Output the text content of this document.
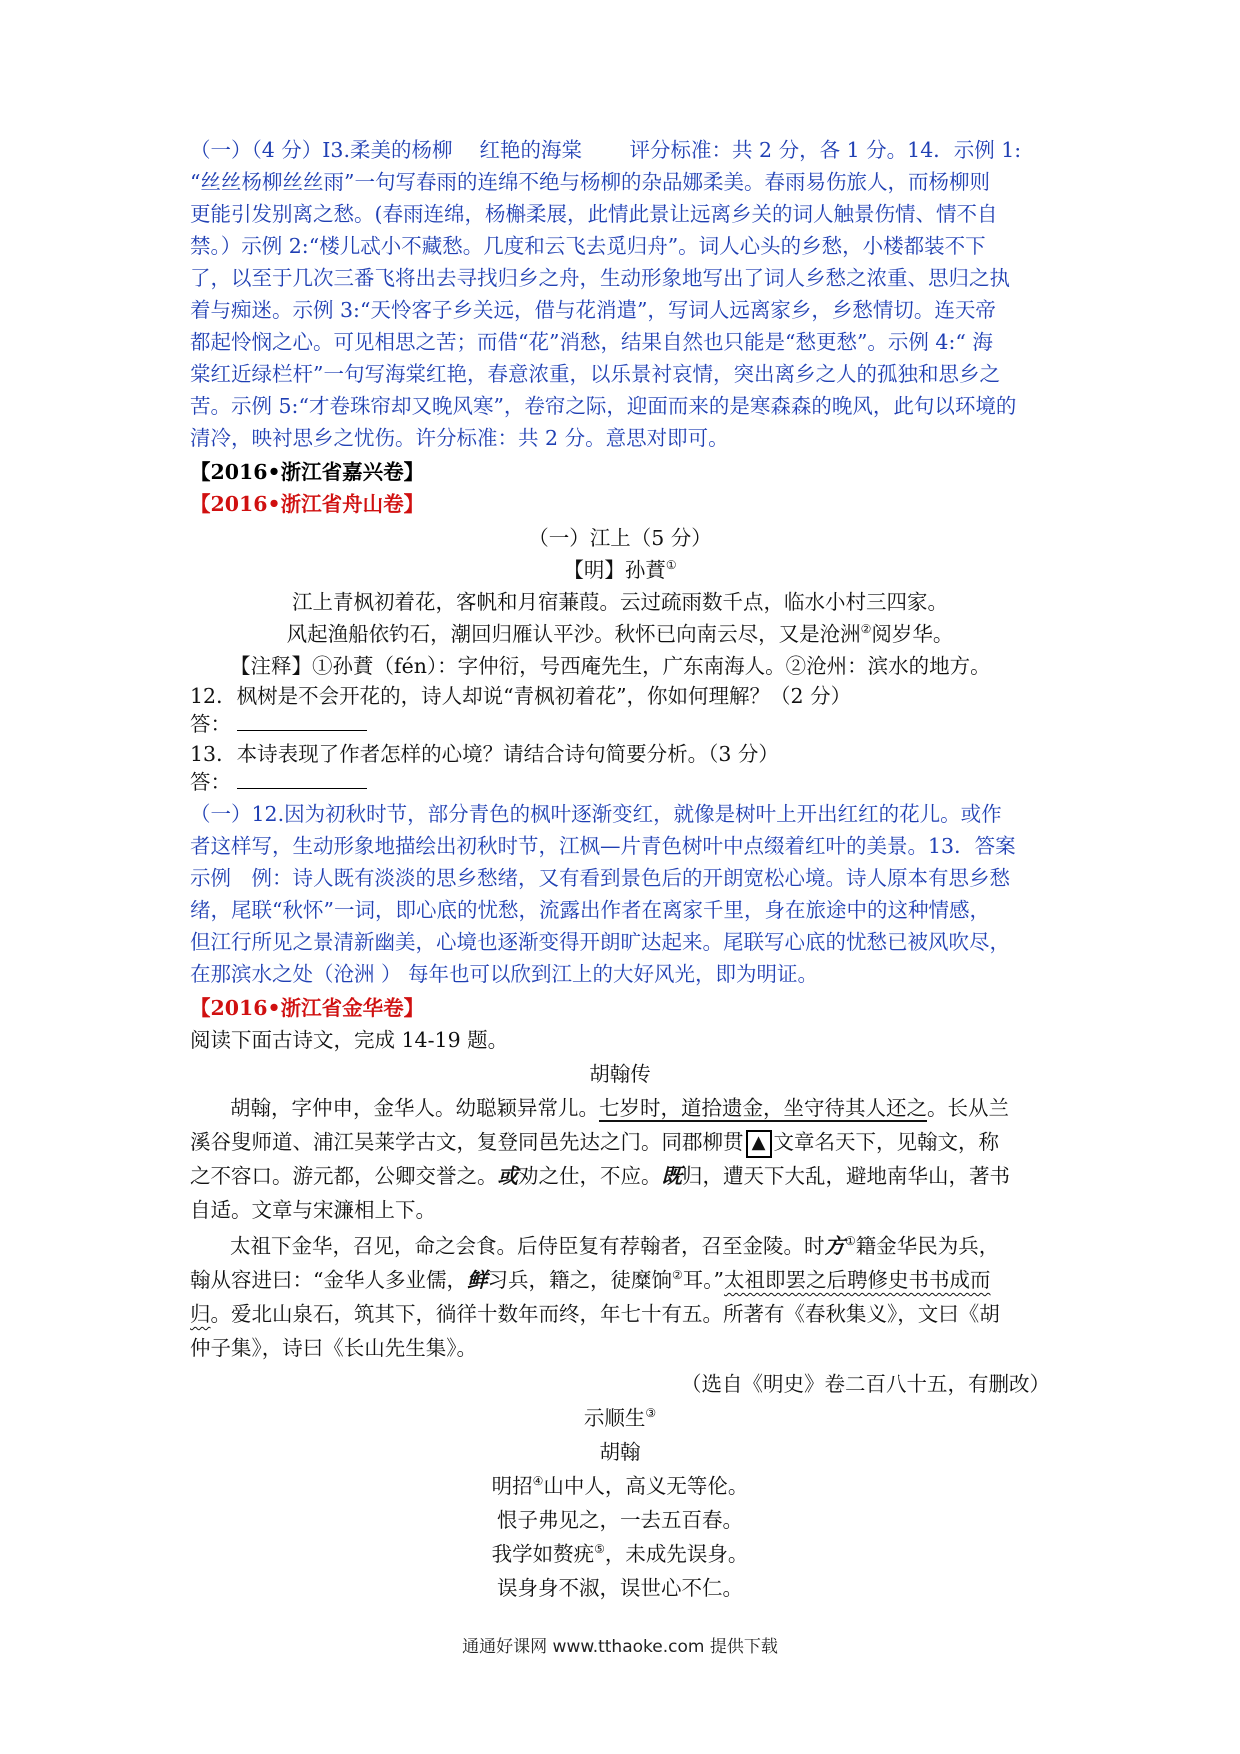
（一）（4 分）I3.柔美的杨柳　 红艳的海棠　　 评分标准：共 2 分，各 1 分。14．示例 1:
“丝丝杨柳丝丝雨”一句写春雨的连绵不绝与杨柳的杂品娜柔美。春雨易伤旅人，而杨柳则
更能引发别离之愁。(春雨连绵，杨槲柔展，此情此景让远离乡关的词人触景伤情、情不自
禁。）示例 2:“楼儿忒小不藏愁。几度和云飞去觅归舟”。词人心头的乡愁，小楼都装不下
了，以至于几次三番飞将出去寻找归乡之舟，生动形象地写出了词人乡愁之浓重、思归之执
着与痴迷。示例 3:“天怜客子乡关远，借与花消遣”，写词人远离家乡，乡愁情切。连天帝
都起怜悯之心。可见相思之苦；而借“花”消愁，结果自然也只能是“愁更愁”。示例 4:“ 海
棠红近绿栏杆”一句写海棠红艳，春意浓重，以乐景衬哀情，突出离乡之人的孤独和思乡之
苦。示例 5:“才卷珠帘却又晚风寒”，卷帘之际，迎面而来的是寒森森的晚风，此句以环境的
清冷，映衬思乡之忧伤。许分标准：共 2 分。意思对即可。
【2016•浙江省嘉兴卷】
【2016•浙江省舟山卷】
（一）江上（5 分）
【明】孙蕡①
江上青枫初着花，客帆和月宿蒹葭。云过疏雨数千点，临水小村三四家。
风起渔船依钓石，潮回归雁认平沙。秋怀已向南云尽，又是沧洲②阅岁华。
【注释】①孙蕡（fén）：字仲衍，号西庵先生，广东南海人。②沧州：滨水的地方。
12．枫树是不会开花的，诗人却说“青枫初着花”，你如何理解？（2 分）
答：
13．本诗表现了作者怎样的心境？请结合诗句简要分析。（3 分）
答：
（一）12.因为初秋时节，部分青色的枫叶逐渐变红，就像是树叶上开出红红的花儿。或作
者这样写，生动形象地描绘出初秋时节，江枫—片青色树叶中点缀着红叶的美景。13．答案
示例　例：诗人既有淡淡的思乡愁绪，又有看到景色后的开朗宽松心境。诗人原本有思乡愁
绪，尾联“秋怀”一词，即心底的忧愁，流露出作者在离家千里，身在旅途中的这种情感，
但江行所见之景清新幽美，心境也逐渐变得开朗旷达起来。尾联写心底的忧愁已被风吹尽，
在那滨水之处（沧洲 ） 每年也可以欣到江上的大好风光，即为明证。
【2016•浙江省金华卷】
阅读下面古诗文，完成 14-19 题。
胡翰传
胡翰，字仲申，金华人。幼聪颖异常儿。七岁时，道拾遗金，坐守待其人还之。长从兰
溪谷叟师道、浦江吴莱学古文，复登同邑先达之门。同郡柳贯 ▲ 文章名天下，见翰文，称
之不容口。游元都，公卿交誉之。或劝之仕，不应。既归，遭天下大乱，避地南华山，著书
自适。文章与宋濂相上下。
太祖下金华，召见，命之会食。后侍臣复有荐翰者，召至金陵。时方①籍金华民为兵，
翰从容进曰：“金华人多业儒，鲜习兵，籍之，徒糜饷②耳。”太祖即罢之后聘修史书书成而
归。爱北山泉石，筑其下，徜徉十数年而终，年七十有五。所著有《春秋集义》，文曰《胡
仲子集》，诗曰《长山先生集》。
（选自《明史》卷二百八十五，有删改）
示顺生③
胡翰
明招④山中人，高义无等伦。
恨子弗见之，一去五百春。
我学如赘疣⑤，未成先误身。
误身身不淑，误世心不仁。
通通好课网 www.tthaoke.com 提供下载
